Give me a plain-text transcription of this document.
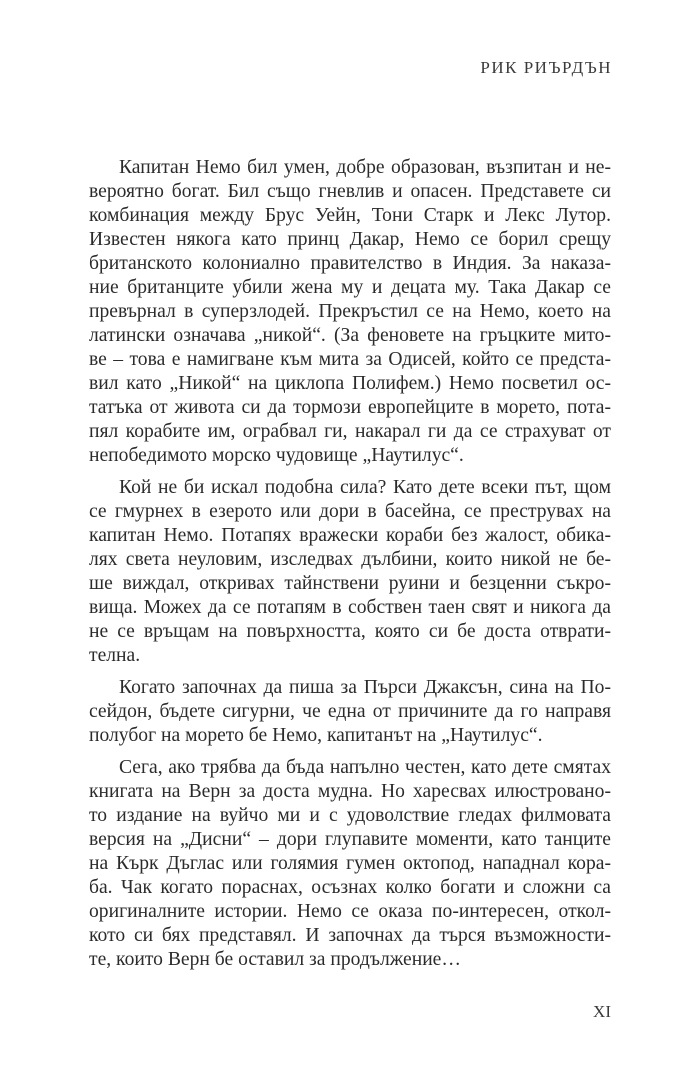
РИК РИЪРДЪН
Капитан Немо бил умен, добре образован, възпитан и не-
вероятно богат. Бил също гневлив и опасен. Представете си
комбинация между Брус Уейн, Тони Старк и Лекс Лутор.
Известен някога като принц Дакар, Немо се борил срещу
британското колониално правителство в Индия. За наказа-
ние британците убили жена му и децата му. Така Дакар се
превърнал в суперзлодей. Прекръстил се на Немо, което на
латински означава „никой“. (За феновете на гръцките мито-
ве – това е намигване към мита за Одисей, който се предста-
вил като „Никой“ на циклопа Полифем.) Немо посветил ос-
татъка от живота си да тормози европейците в морето, пота-
пял корабите им, ограбвал ги, накарал ги да се страхуват от
непобедимото морско чудовище „Наутилус“.
Кой не би искал подобна сила? Като дете всеки път, щом
се гмурнех в езерото или дори в басейна, се преструвах на
капитан Немо. Потапях вражески кораби без жалост, обика-
лях света неуловим, изследвах дълбини, които никой не бе-
ше виждал, откривах тайнствени руини и безценни съкро-
вища. Можех да се потапям в собствен таен свят и никога да
не се връщам на повърхността, която си бе доста отврати-
телна.
Когато започнах да пиша за Пърси Джаксън, сина на По-
сейдон, бъдете сигурни, че една от причините да го направя
полубог на морето бе Немо, капитанът на „Наутилус“.
Сега, ако трябва да бъда напълно честен, като дете смятах
книгата на Верн за доста мудна. Но харесвах илюстровано-
то издание на вуйчо ми и с удоволствие гледах филмовата
версия на „Дисни“ – дори глупавите моменти, като танците
на Кърк Дъглас или голямия гумен октопод, нападнал кора-
ба. Чак когато пораснах, осъзнах колко богати и сложни са
оригиналните истории. Немо се оказа по-интересен, откол-
кото си бях представял. И започнах да търся възможности-
те, които Верн бе оставил за продължение…
XI
